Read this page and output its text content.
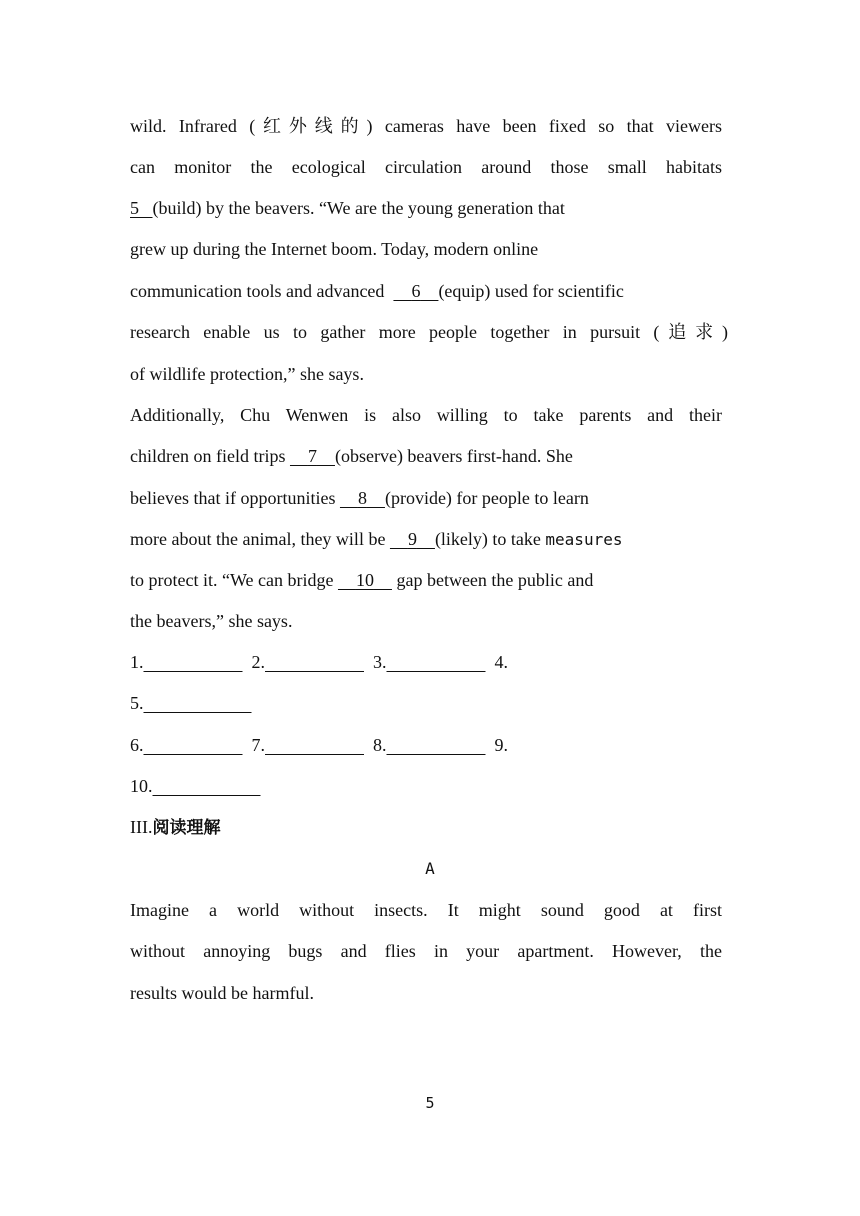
wild. Infrared (红外线的) cameras have been fixed so that viewers
can monitor the ecological circulation around those small habitats
5 (build) by the beavers. “We are the young generation that
grew up during the Internet boom. Today, modern online
communication tools and advanced      6 (equip) used for scientific
research enable us to gather more people together in pursuit (追求)
of wildlife protection,” she says.
Additionally, Chu Wenwen is also willing to take parents and their
children on field trips     7 (observe) beavers first-hand. She
believes that if opportunities     8 (provide) for people to learn
more about the animal, they will be     9 (likely) to take measures
to protect it. “We can bridge     10     gap between the public and
the beavers,” she says.
1.	2.	3.	4.
5.
6.	7.	8.	9.
10.
III.阅读理解
A
Imagine a world without insects. It might sound good at first
without annoying bugs and flies in your apartment. However, the
results would be harmful.
5
